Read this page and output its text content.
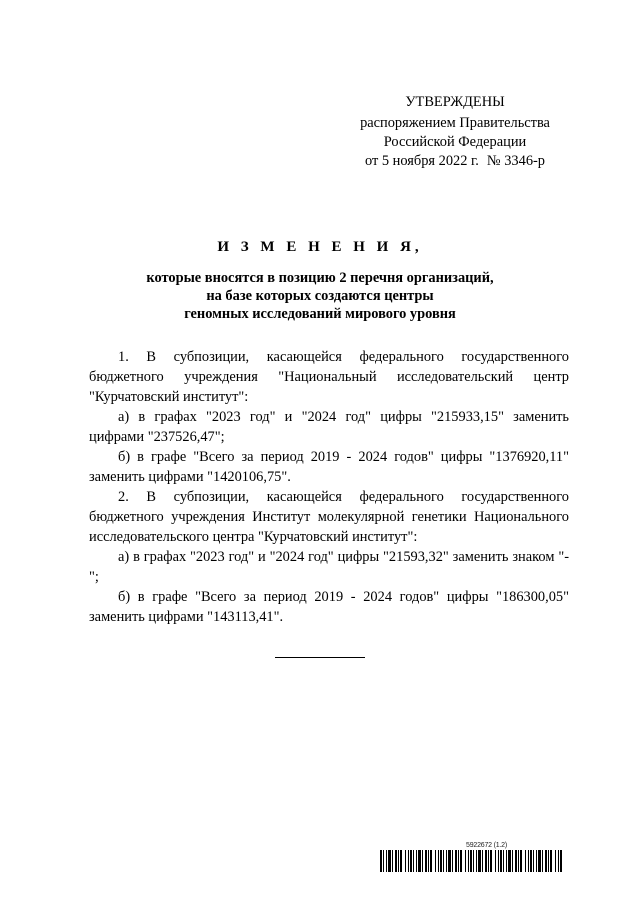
УТВЕРЖДЕНЫ
распоряжением Правительства
Российской Федерации
от 5 ноября 2022 г. № 3346-р
И З М Е Н Е Н И Я,
которые вносятся в позицию 2 перечня организаций,
на базе которых создаются центры
геномных исследований мирового уровня

1. В субпозиции, касающейся федерального государственного бюджетного учреждения "Национальный исследовательский центр "Курчатовский институт":

а) в графах "2023 год" и "2024 год" цифры "215933,15" заменить цифрами "237526,47";

б) в графе "Всего за период 2019 - 2024 годов" цифры "1376920,11" заменить цифрами "1420106,75".

2. В субпозиции, касающейся федерального государственного бюджетного учреждения Институт молекулярной генетики Национального исследовательского центра "Курчатовский институт":

а) в графах "2023 год" и "2024 год" цифры "21593,32" заменить знаком "-";

б) в графе "Всего за период 2019 - 2024 годов" цифры "186300,05" заменить цифрами "143113,41".

5922672 (1.2)
